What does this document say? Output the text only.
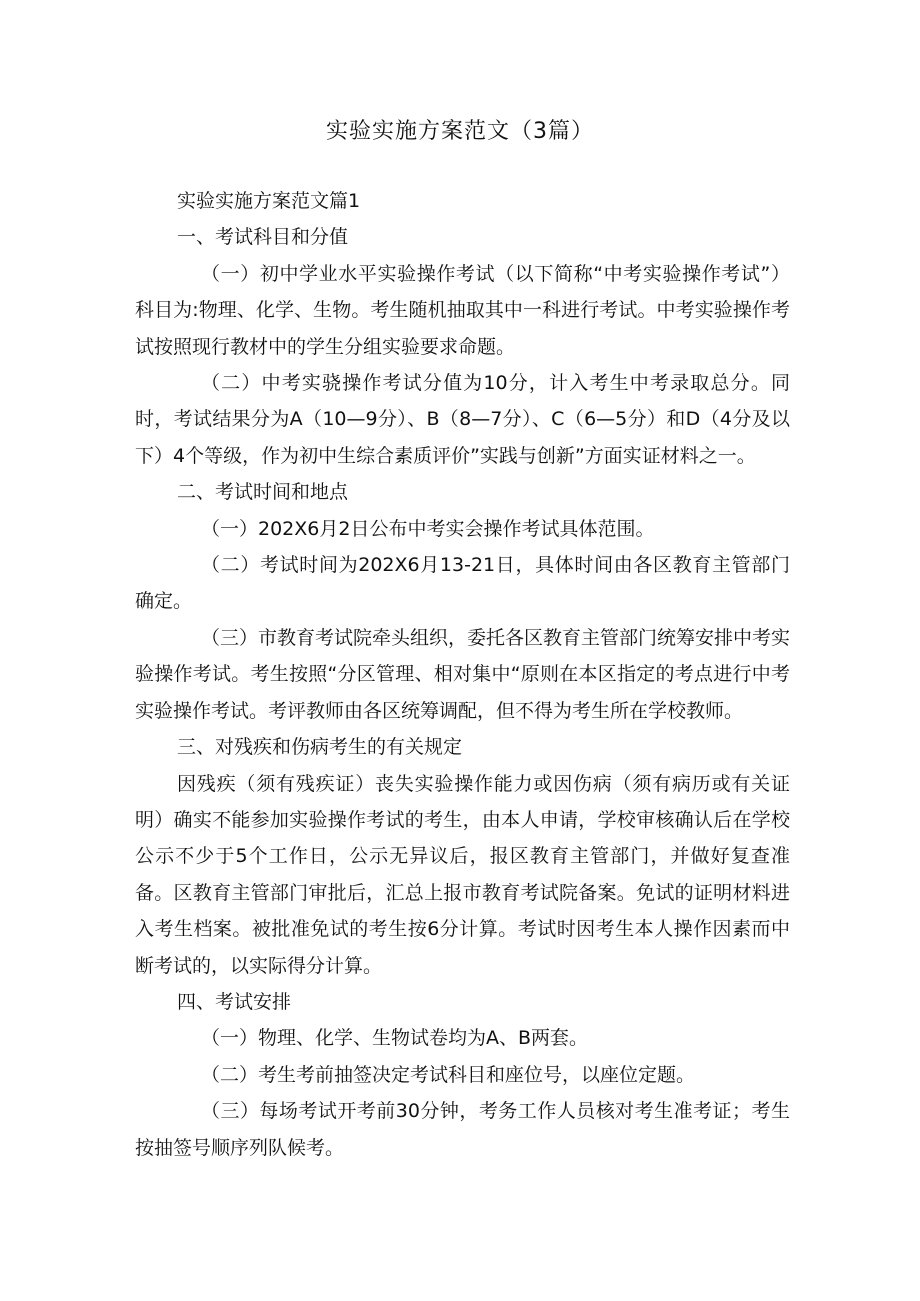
实验实施方案范文（3篇）

实验实施方案范文篇1

一、考试科目和分值

（一）初中学业水平实验操作考试（以下简称“中考实验操作考试”）科目为:物理、化学、生物。考生随机抽取其中一科进行考试。中考实验操作考试按照现行教材中的学生分组实验要求命题。

（二）中考实骁操作考试分值为10分，计入考生中考录取总分。同时，考试结果分为A（10—9分）、B（8—7分）、C（6—5分）和D（4分及以下）4个等级，作为初中生综合素质评价”实践与创新”方面实证材料之一。

二、考试时间和地点

（一）202X6月2日公布中考实会操作考试具体范围。

（二）考试时间为202X6月13-21日，具体时间由各区教育主管部门确定。

（三）市教育考试院牵头组织，委托各区教育主管部门统筹安排中考实验操作考试。考生按照“分区管理、相对集中“原则在本区指定的考点进行中考实验操作考试。考评教师由各区统筹调配，但不得为考生所在学校教师。

三、对残疾和伤病考生的有关规定

因残疾（须有残疾证）丧失实验操作能力或因伤病（须有病历或有关证明）确实不能参加实验操作考试的考生，由本人申请，学校审核确认后在学校公示不少于5个工作日，公示无异议后，报区教育主管部门，并做好复查准备。区教育主管部门审批后，汇总上报市教育考试院备案。免试的证明材料进入考生档案。被批准免试的考生按6分计算。考试时因考生本人操作因素而中断考试的，以实际得分计算。

四、考试安排

（一）物理、化学、生物试卷均为A、B两套。

（二）考生考前抽签决定考试科目和座位号，以座位定题。

（三）每场考试开考前30分钟，考务工作人员核对考生准考证；考生按抽签号顺序列队候考。
